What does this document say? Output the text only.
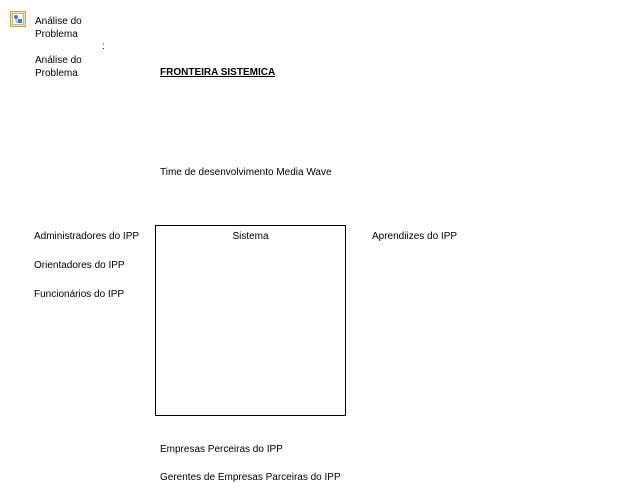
Análise do
Problema
:
Análise do
Problema	FRONTEIRA SISTEMICA
Time de desenvolvimento Media Wave
Sistema
Administradores do IPP
Orientadores do IPP
Funcionários do IPP
Aprendiizes do IPP
Empresas Perceiras do IPP
Gerentes de Empresas Parceiras do IPP
